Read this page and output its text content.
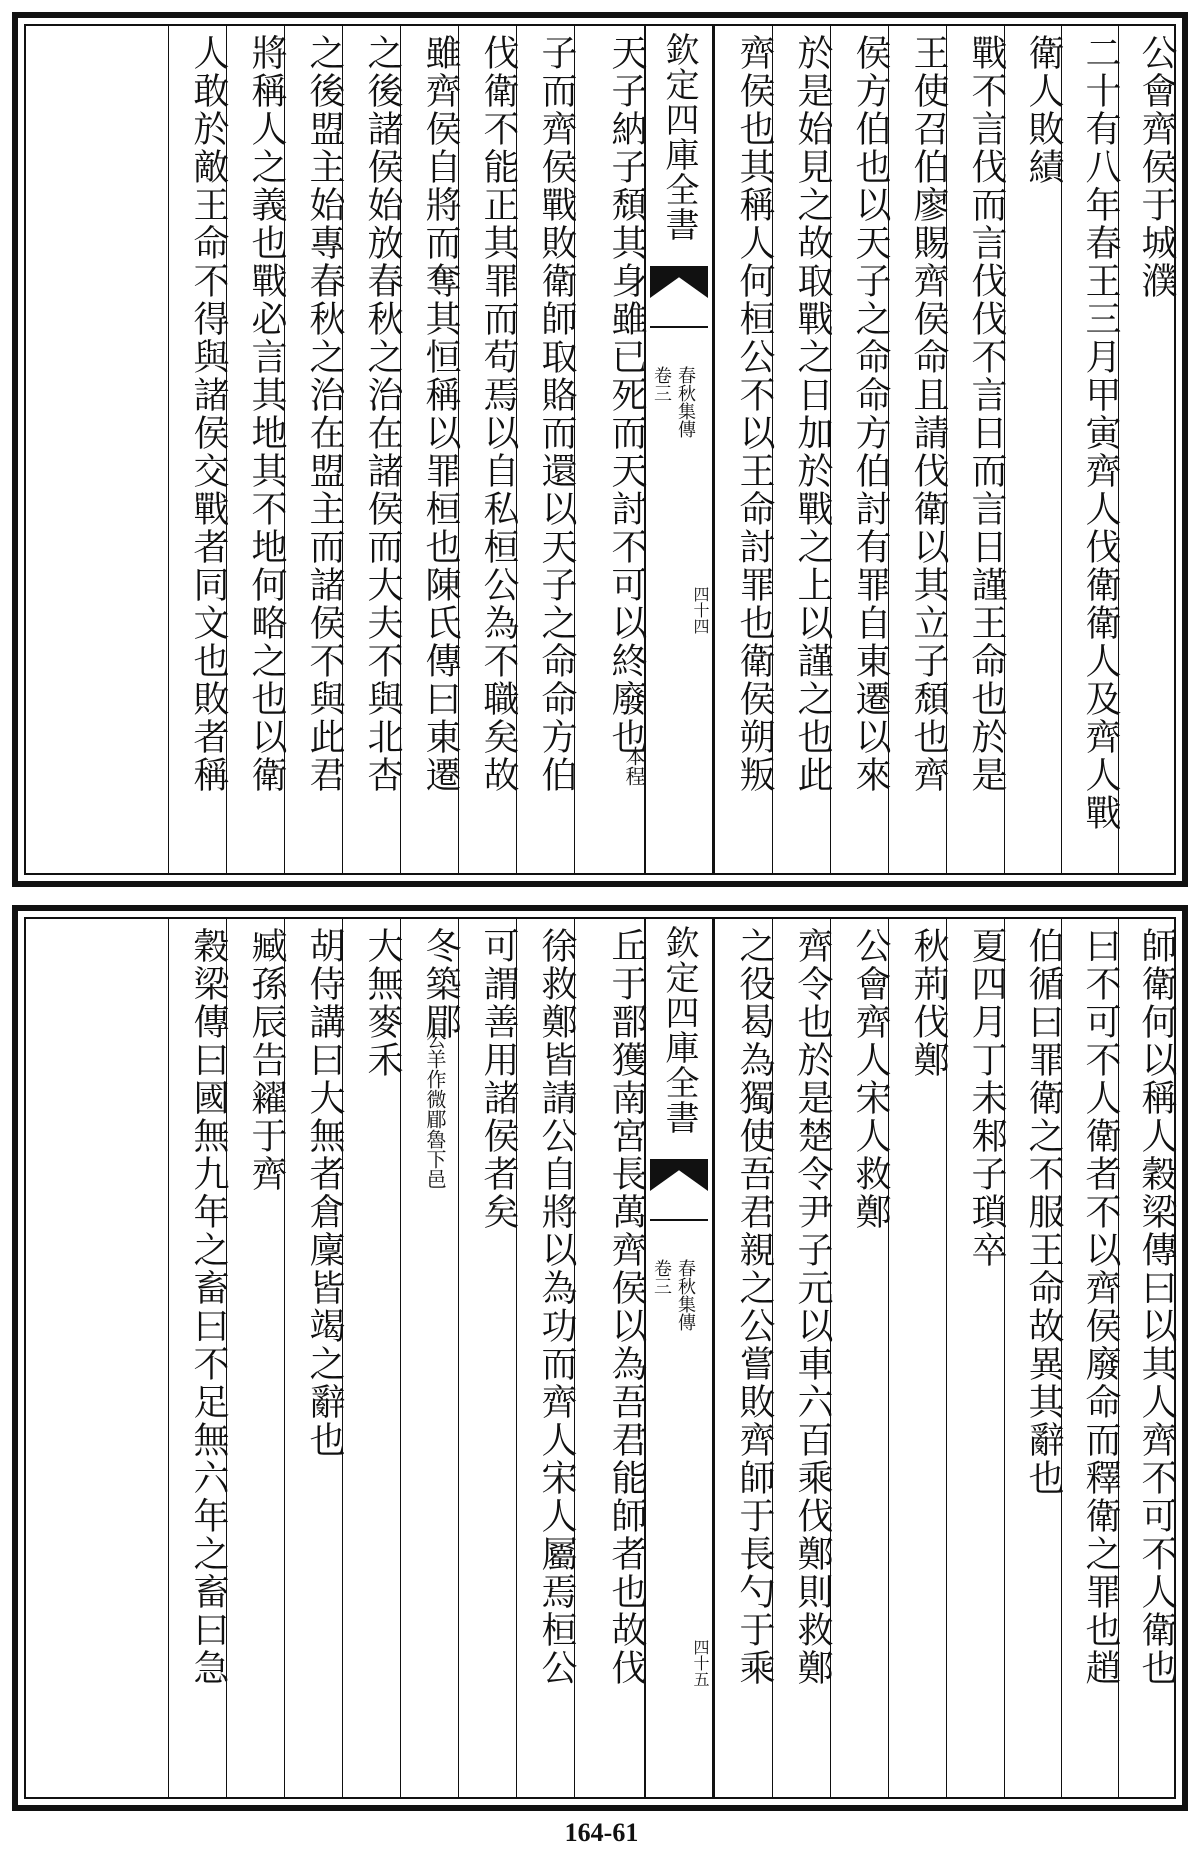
公會齊侯于城濮
二十有八年春王三月甲寅齊人伐衛衛人及齊人戰
衛人敗績
戰不言伐而言伐伐不言日而言日謹王命也於是
王使召伯廖賜齊侯命且請伐衛以其立子頹也齊
侯方伯也以天子之命命方伯討有罪自東遷以來
於是始見之故取戰之日加於戰之上以謹之也此
齊侯也其稱人何桓公不以王命討罪也衛侯朔叛
欽定四庫全書
春秋集傳
卷三
四十四
天子納子頹其身雖已死而天討不可以終廢也
本程
子而齊侯戰敗衛師取賂而還以天子之命命方伯
伐衛不能正其罪而苟焉以自私桓公為不職矣故
雖齊侯自將而奪其恒稱以罪桓也陳氏傳曰東遷
之後諸侯始放春秋之治在諸侯而大夫不與北杏
之後盟主始專春秋之治在盟主而諸侯不與此君
將稱人之義也戰必言其地其不地何略之也以衛
人敢於敵王命不得與諸侯交戰者同文也敗者稱
師衛何以稱人穀梁傳曰以其人齊不可不人衛也
曰不可不人衛者不以齊侯廢命而釋衛之罪也趙
伯循曰罪衛之不服王命故異其辭也
夏四月丁未邾子瑣卒
秋荊伐鄭
公會齊人宋人救鄭
齊令也於是楚令尹子元以車六百乘伐鄭則救鄭
之役曷為獨使吾君親之公嘗敗齊師于長勺于乘
欽定四庫全書
春秋集傳
卷三
四十五
丘于鄑獲南宮長萬齊侯以為吾君能師者也故伐
徐救鄭皆請公自將以為功而齊人宋人屬焉桓公
可謂善用諸侯者矣
冬築郿
公羊作微郿魯下邑
大無麥禾
胡侍講曰大無者倉廩皆竭之辭也
臧孫辰告糴于齊
穀梁傳曰國無九年之畜曰不足無六年之畜曰急
164-61
